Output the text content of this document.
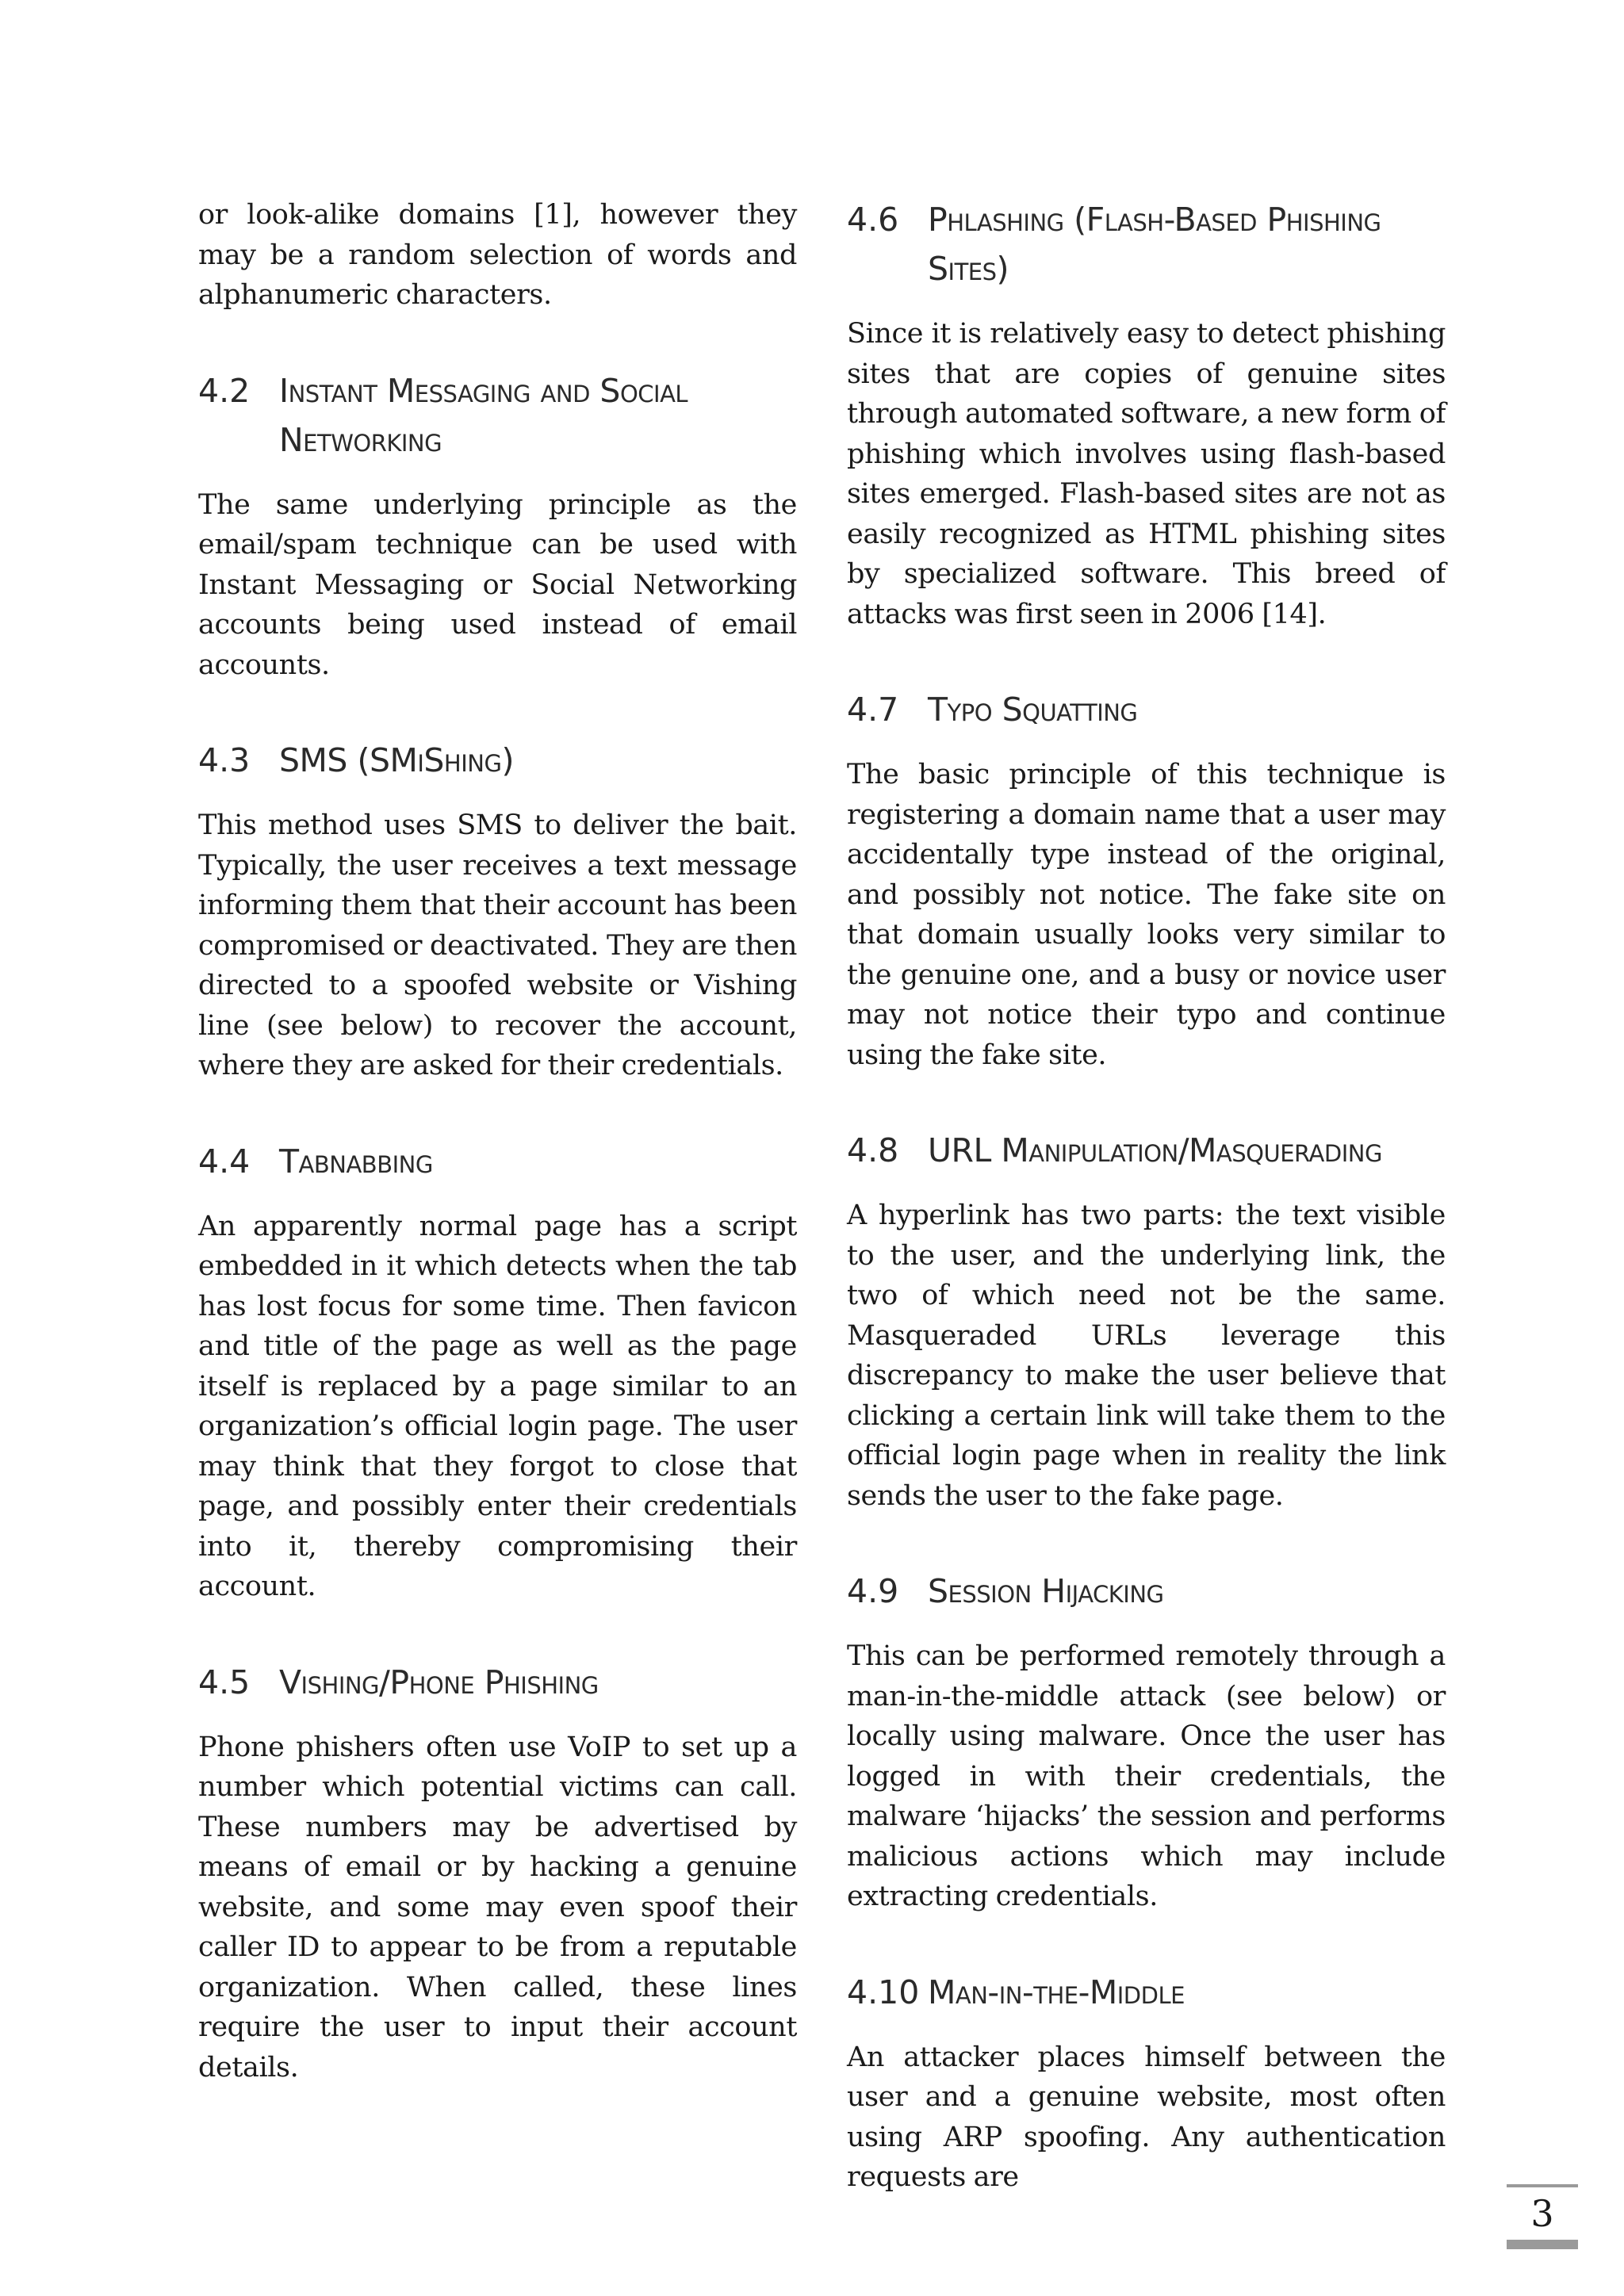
or look-alike domains [1], however they may be a random selection of words and alphanumeric characters.

4.2 Instant Messaging and Social Networking

The same underlying principle as the email/spam technique can be used with Instant Messaging or Social Networking accounts being used instead of email accounts.

4.3 SMS (SMiShing)

This method uses SMS to deliver the bait. Typically, the user receives a text message informing them that their account has been compromised or deactivated. They are then directed to a spoofed website or Vishing line (see below) to recover the account, where they are asked for their credentials.

4.4 Tabnabbing

An apparently normal page has a script embedded in it which detects when the tab has lost focus for some time. Then favicon and title of the page as well as the page itself is replaced by a page similar to an organization’s official login page. The user may think that they forgot to close that page, and possibly enter their credentials into it, thereby compromising their account.

4.5 Vishing/Phone Phishing

Phone phishers often use VoIP to set up a number which potential victims can call. These numbers may be advertised by means of email or by hacking a genuine website, and some may even spoof their caller ID to appear to be from a reputable organization. When called, these lines require the user to input their account details.

4.6 Phlashing (Flash-Based Phishing Sites)

Since it is relatively easy to detect phishing sites that are copies of genuine sites through automated software, a new form of phishing which involves using flash-based sites emerged. Flash-based sites are not as easily recognized as HTML phishing sites by specialized software. This breed of attacks was first seen in 2006 [14].

4.7 Typo Squatting

The basic principle of this technique is registering a domain name that a user may accidentally type instead of the original, and possibly not notice. The fake site on that domain usually looks very similar to the genuine one, and a busy or novice user may not notice their typo and continue using the fake site.

4.8 URL Manipulation/Masquerading

A hyperlink has two parts: the text visible to the user, and the underlying link, the two of which need not be the same. Masqueraded URLs leverage this discrepancy to make the user believe that clicking a certain link will take them to the official login page when in reality the link sends the user to the fake page.

4.9 Session Hijacking

This can be performed remotely through a man-in-the-middle attack (see below) or locally using malware. Once the user has logged in with their credentials, the malware ‘hijacks’ the session and performs malicious actions which may include extracting credentials.

4.10 Man-in-the-Middle

An attacker places himself between the user and a genuine website, most often using ARP spoofing. Any authentication requests are

3
